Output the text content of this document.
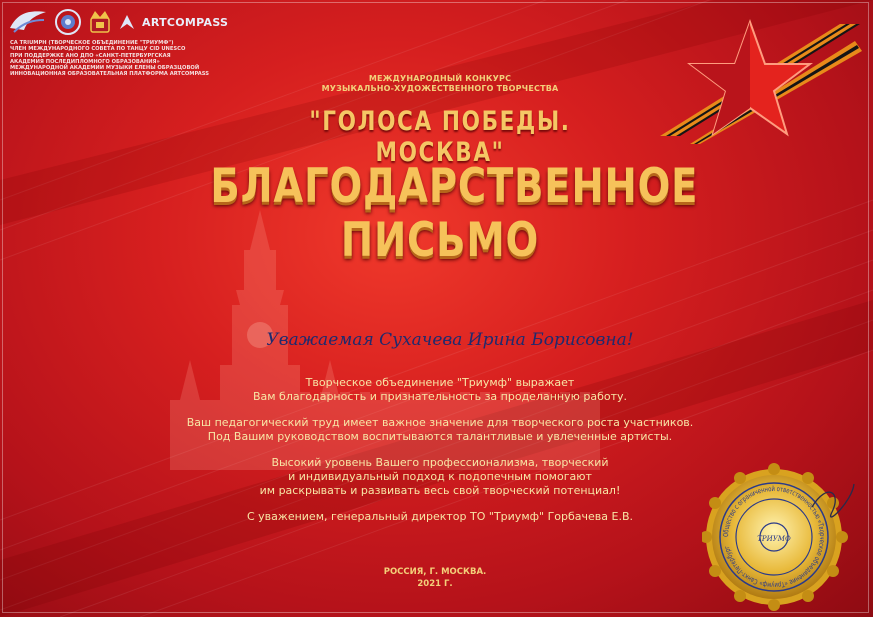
ARTCOMPASS
СА TRIUMPH (ТВОРЧЕСКОЕ ОБЪЕДИНЕНИЕ "ТРИУМФ")
ЧЛЕН МЕЖДУНАРОДНОГО СОВЕТА ПО ТАНЦУ CID UNESCO
ПРИ ПОДДЕРЖКЕ АНО ДПО «САНКТ-ПЕТЕРБУРГСКАЯ
АКАДЕМИЯ ПОСЛЕДИПЛОМНОГО ОБРАЗОВАНИЯ»
МЕЖДУНАРОДНОЙ АКАДЕМИИ МУЗЫКИ ЕЛЕНЫ ОБРАЗЦОВОЙ
ИННОВАЦИОННАЯ ОБРАЗОВАТЕЛЬНАЯ ПЛАТФОРМА ARTCOMPASS	МЕЖДУНАРОДНЫЙ КОНКУРС
МУЗЫКАЛЬНО-ХУДОЖЕСТВЕННОГО ТВОРЧЕСТВА
"ГОЛОСА ПОБЕДЫ. МОСКВА"
БЛАГОДАРСТВЕННОЕ
ПИСЬМО
Уважаемая Сухачева Ирина Борисовна!
Творческое объединение "Триумф" выражает
Вам благодарность и признательность за проделанную работу.
Ваш педагогический труд имеет важное значение для творческого роста участников.
Под Вашим руководством воспитываются талантливые и увлеченные артисты.
Высокий уровень Вашего профессионализма, творческий
и индивидуальный подход к подопечным помогают
им раскрывать и развивать весь свой творческий потенциал!
С уважением, генеральный директор ТО "Триумф" Горбачева Е.В.
РОССИЯ, Г. МОСКВА.
2021 Г.
Общество с ограниченной ответственностью «Творческое объединение «Триумф» Санкт-Петербург
ТРИУМФ
